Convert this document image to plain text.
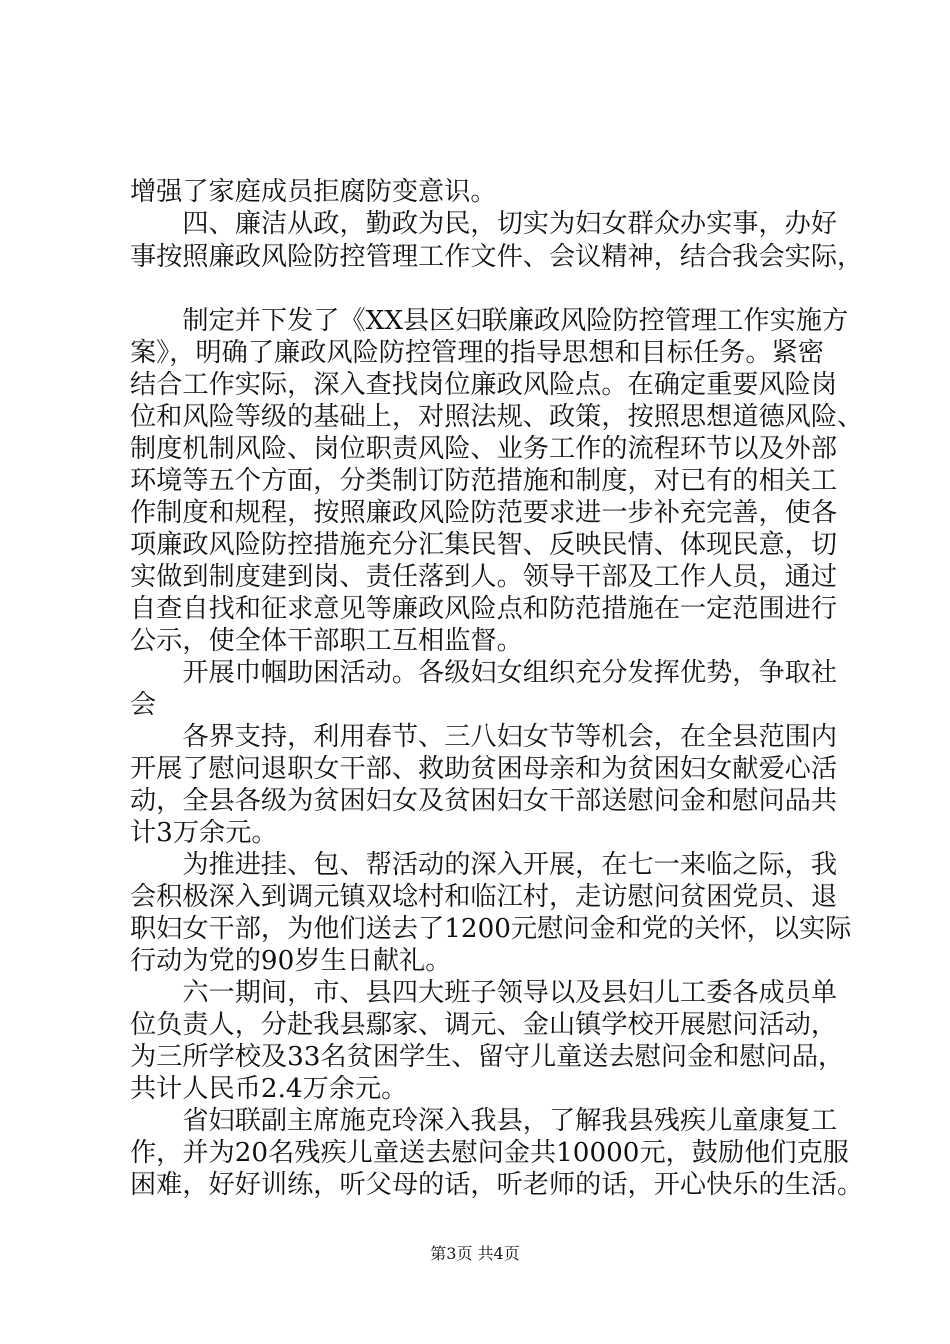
增强了家庭成员拒腐防变意识。
　　四、廉洁从政，勤政为民，切实为妇女群众办实事，办好
事按照廉政风险防控管理工作文件、会议精神，结合我会实际，
　　制定并下发了《XX县区妇联廉政风险防控管理工作实施方
案》，明确了廉政风险防控管理的指导思想和目标任务。紧密
结合工作实际，深入查找岗位廉政风险点。在确定重要风险岗
位和风险等级的基础上，对照法规、政策，按照思想道德风险、
制度机制风险、岗位职责风险、业务工作的流程环节以及外部
环境等五个方面，分类制订防范措施和制度，对已有的相关工
作制度和规程，按照廉政风险防范要求进一步补充完善，使各
项廉政风险防控措施充分汇集民智、反映民情、体现民意，切
实做到制度建到岗、责任落到人。领导干部及工作人员，通过
自查自找和征求意见等廉政风险点和防范措施在一定范围进行
公示，使全体干部职工互相监督。
　　开展巾帼助困活动。各级妇女组织充分发挥优势，争取社
会
　　各界支持，利用春节、三八妇女节等机会，在全县范围内
开展了慰问退职女干部、救助贫困母亲和为贫困妇女献爱心活
动，全县各级为贫困妇女及贫困妇女干部送慰问金和慰问品共
计3万余元。
　　为推进挂、包、帮活动的深入开展，在七一来临之际，我
会积极深入到调元镇双埝村和临江村，走访慰问贫困党员、退
职妇女干部，为他们送去了1200元慰问金和党的关怀，以实际
行动为党的90岁生日献礼。
　　六一期间，市、县四大班子领导以及县妇儿工委各成员单
位负责人，分赴我县鄢家、调元、金山镇学校开展慰问活动，
为三所学校及33名贫困学生、留守儿童送去慰问金和慰问品，
共计人民币2.4万余元。
　　省妇联副主席施克玲深入我县，了解我县残疾儿童康复工
作，并为20名残疾儿童送去慰问金共10000元，鼓励他们克服
困难，好好训练，听父母的话，听老师的话，开心快乐的生活。
第3页 共4页
